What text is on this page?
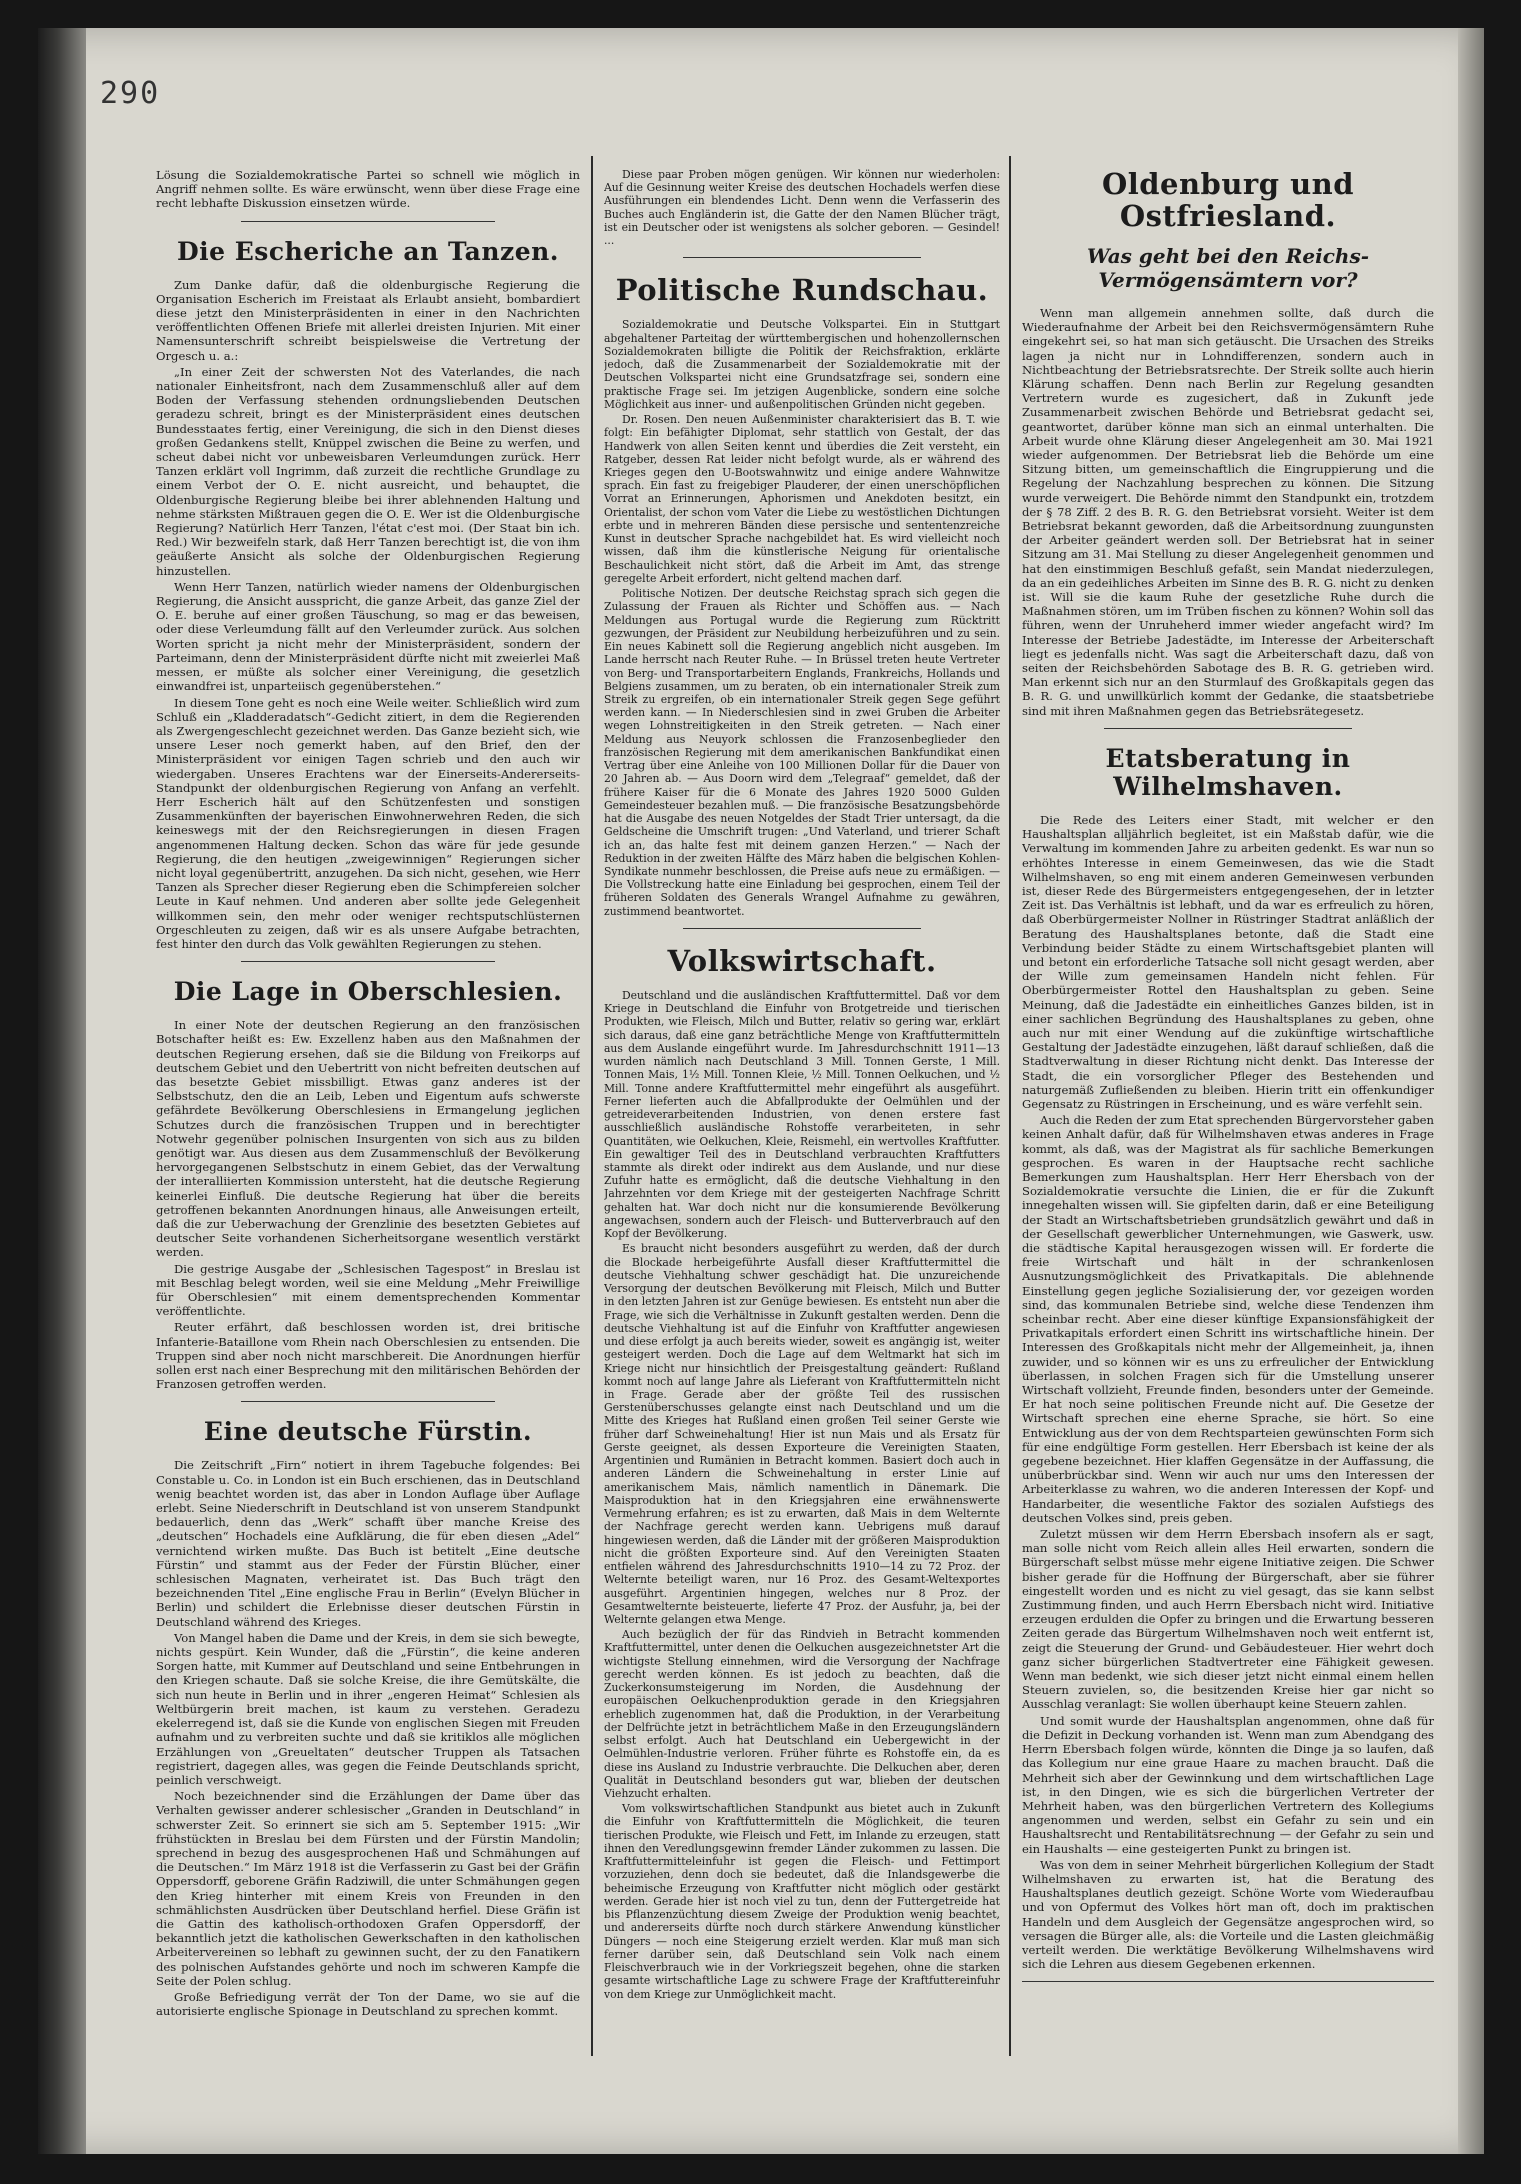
290

Lösung die Sozialdemokratische Partei so schnell wie möglich in Angriff nehmen sollte. Es wäre erwünscht, wenn über diese Frage eine recht lebhafte Diskussion einsetzen würde.

Die Escheriche an Tanzen.

Zum Danke dafür, daß die oldenburgische Regierung die Organisation Escherich im Freistaat als Erlaubt ansieht, bombardiert diese jetzt den Ministerpräsidenten in einer in den Nachrichten veröffentlichten Offenen Briefe mit allerlei dreisten Injurien. Mit einer Namensunterschrift schreibt beispielsweise die Vertretung der Orgesch u. a.:

„In einer Zeit der schwersten Not des Vaterlandes, die nach nationaler Einheitsfront, nach dem Zusammenschluß aller auf dem Boden der Verfassung stehenden ordnungsliebenden Deutschen geradezu schreit, bringt es der Ministerpräsident eines deutschen Bundesstaates fertig, einer Vereinigung, die sich in den Dienst dieses großen Gedankens stellt, Knüppel zwischen die Beine zu werfen, und scheut dabei nicht vor unbeweisbaren Verleumdungen zurück. Herr Tanzen erklärt voll Ingrimm, daß zurzeit die rechtliche Grundlage zu einem Verbot der O. E. nicht ausreicht, und behauptet, die Oldenburgische Regierung bleibe bei ihrer ablehnenden Haltung und nehme stärksten Mißtrauen gegen die O. E. Wer ist die Oldenburgische Regierung? Natürlich Herr Tanzen, l'état c'est moi. (Der Staat bin ich. Red.) Wir bezweifeln stark, daß Herr Tanzen berechtigt ist, die von ihm geäußerte Ansicht als solche der Oldenburgischen Regierung hinzustellen.

Wenn Herr Tanzen, natürlich wieder namens der Oldenburgischen Regierung, die Ansicht ausspricht, die ganze Arbeit, das ganze Ziel der O. E. beruhe auf einer großen Täuschung, so mag er das beweisen, oder diese Verleumdung fällt auf den Verleumder zurück. Aus solchen Worten spricht ja nicht mehr der Ministerpräsident, sondern der Parteimann, denn der Ministerpräsident dürfte nicht mit zweierlei Maß messen, er müßte als solcher einer Vereinigung, die gesetzlich einwandfrei ist, unparteiisch gegenüberstehen.“

In diesem Tone geht es noch eine Weile weiter. Schließlich wird zum Schluß ein „Kladderadatsch“-Gedicht zitiert, in dem die Regierenden als Zwergengeschlecht gezeichnet werden. Das Ganze bezieht sich, wie unsere Leser noch gemerkt haben, auf den Brief, den der Ministerpräsident vor einigen Tagen schrieb und den auch wir wiedergaben. Unseres Erachtens war der Einerseits-Andererseits-Standpunkt der oldenburgischen Regierung von Anfang an verfehlt. Herr Escherich hält auf den Schützenfesten und sonstigen Zusammenkünften der bayerischen Einwohnerwehren Reden, die sich keineswegs mit der den Reichsregierungen in diesen Fragen angenommenen Haltung decken. Schon das wäre für jede gesunde Regierung, die den heutigen „zweigewinnigen“ Regierungen sicher nicht loyal gegenübertritt, anzugehen. Da sich nicht, gesehen, wie Herr Tanzen als Sprecher dieser Regierung eben die Schimpfereien solcher Leute in Kauf nehmen. Und anderen aber sollte jede Gelegenheit willkommen sein, den mehr oder weniger rechtsputschlüsternen Orgeschleuten zu zeigen, daß wir es als unsere Aufgabe betrachten, fest hinter den durch das Volk gewählten Regierungen zu stehen.

Die Lage in Oberschlesien.

In einer Note der deutschen Regierung an den französischen Botschafter heißt es: Ew. Exzellenz haben aus den Maßnahmen der deutschen Regierung ersehen, daß sie die Bildung von Freikorps auf deutschem Gebiet und den Uebertritt von nicht befreiten deutschen auf das besetzte Gebiet missbilligt. Etwas ganz anderes ist der Selbstschutz, den die an Leib, Leben und Eigentum aufs schwerste gefährdete Bevölkerung Oberschlesiens in Ermangelung jeglichen Schutzes durch die französischen Truppen und in berechtigter Notwehr gegenüber polnischen Insurgenten von sich aus zu bilden genötigt war. Aus diesen aus dem Zusammenschluß der Bevölkerung hervorgegangenen Selbstschutz in einem Gebiet, das der Verwaltung der interalliierten Kommission untersteht, hat die deutsche Regierung keinerlei Einfluß. Die deutsche Regierung hat über die bereits getroffenen bekannten Anordnungen hinaus, alle Anweisungen erteilt, daß die zur Ueberwachung der Grenzlinie des besetzten Gebietes auf deutscher Seite vorhandenen Sicherheitsorgane wesentlich verstärkt werden.

Die gestrige Ausgabe der „Schlesischen Tagespost“ in Breslau ist mit Beschlag belegt worden, weil sie eine Meldung „Mehr Freiwillige für Oberschlesien“ mit einem dementsprechenden Kommentar veröffentlichte.

Reuter erfährt, daß beschlossen worden ist, drei britische Infanterie-Bataillone vom Rhein nach Oberschlesien zu entsenden. Die Truppen sind aber noch nicht marschbereit. Die Anordnungen hierfür sollen erst nach einer Besprechung mit den militärischen Behörden der Franzosen getroffen werden.

Eine deutsche Fürstin.

Die Zeitschrift „Firn“ notiert in ihrem Tagebuche folgendes: Bei Constable u. Co. in London ist ein Buch erschienen, das in Deutschland wenig beachtet worden ist, das aber in London Auflage über Auflage erlebt. Seine Niederschrift in Deutschland ist von unserem Standpunkt bedauerlich, denn das „Werk“ schafft über manche Kreise des „deutschen“ Hochadels eine Aufklärung, die für eben diesen „Adel“ vernichtend wirken mußte. Das Buch ist betitelt „Eine deutsche Fürstin“ und stammt aus der Feder der Fürstin Blücher, einer schlesischen Magnaten, verheiratet ist. Das Buch trägt den bezeichnenden Titel „Eine englische Frau in Berlin“ (Evelyn Blücher in Berlin) und schildert die Erlebnisse dieser deutschen Fürstin in Deutschland während des Krieges.

Von Mangel haben die Dame und der Kreis, in dem sie sich bewegte, nichts gespürt. Kein Wunder, daß die „Fürstin“, die keine anderen Sorgen hatte, mit Kummer auf Deutschland und seine Entbehrungen in den Kriegen schaute. Daß sie solche Kreise, die ihre Gemütskälte, die sich nun heute in Berlin und in ihrer „engeren Heimat“ Schlesien als Weltbürgerin breit machen, ist kaum zu verstehen. Geradezu ekelerregend ist, daß sie die Kunde von englischen Siegen mit Freuden aufnahm und zu verbreiten suchte und daß sie kritiklos alle möglichen Erzählungen von „Greueltaten“ deutscher Truppen als Tatsachen registriert, dagegen alles, was gegen die Feinde Deutschlands spricht, peinlich verschweigt.

Noch bezeichnender sind die Erzählungen der Dame über das Verhalten gewisser anderer schlesischer „Granden in Deutschland“ in schwerster Zeit. So erinnert sie sich am 5. September 1915: „Wir frühstückten in Breslau bei dem Fürsten und der Fürstin Mandolin; sprechend in bezug des ausgesprochenen Haß und Schmähungen auf die Deutschen.“ Im März 1918 ist die Verfasserin zu Gast bei der Gräfin Oppersdorff, geborene Gräfin Radziwill, die unter Schmähungen gegen den Krieg hinterher mit einem Kreis von Freunden in den schmählichsten Ausdrücken über Deutschland herfiel. Diese Gräfin ist die Gattin des katholisch-orthodoxen Grafen Oppersdorff, der bekanntlich jetzt die katholischen Gewerkschaften in den katholischen Arbeitervereinen so lebhaft zu gewinnen sucht, der zu den Fanatikern des polnischen Aufstandes gehörte und noch im schweren Kampfe die Seite der Polen schlug.

Große Befriedigung verrät der Ton der Dame, wo sie auf die autorisierte englische Spionage in Deutschland zu sprechen kommt.

Diese paar Proben mögen genügen. Wir können nur wiederholen: Auf die Gesinnung weiter Kreise des deutschen Hochadels werfen diese Ausführungen ein blendendes Licht. Denn wenn die Verfasserin des Buches auch Engländerin ist, die Gatte der den Namen Blücher trägt, ist ein Deutscher oder ist wenigstens als solcher geboren. — Gesindel! ...

Politische Rundschau.

Sozialdemokratie und Deutsche Volkspartei. Ein in Stuttgart abgehaltener Parteitag der württembergischen und hohenzollernschen Sozialdemokraten billigte die Politik der Reichsfraktion, erklärte jedoch, daß die Zusammenarbeit der Sozialdemokratie mit der Deutschen Volkspartei nicht eine Grundsatzfrage sei, sondern eine praktische Frage sei. Im jetzigen Augenblicke, sondern eine solche Möglichkeit aus inner- und außenpolitischen Gründen nicht gegeben.

Dr. Rosen. Den neuen Außenminister charakterisiert das B. T. wie folgt: Ein befähigter Diplomat, sehr stattlich von Gestalt, der das Handwerk von allen Seiten kennt und überdies die Zeit versteht, ein Ratgeber, dessen Rat leider nicht befolgt wurde, als er während des Krieges gegen den U-Bootswahnwitz und einige andere Wahnwitze sprach. Ein fast zu freigebiger Plauderer, der einen unerschöpflichen Vorrat an Erinnerungen, Aphorismen und Anekdoten besitzt, ein Orientalist, der schon vom Vater die Liebe zu westöstlichen Dichtungen erbte und in mehreren Bänden diese persische und sententenzreiche Kunst in deutscher Sprache nachgebildet hat. Es wird vielleicht noch wissen, daß ihm die künstlerische Neigung für orientalische Beschaulichkeit nicht stört, daß die Arbeit im Amt, das strenge geregelte Arbeit erfordert, nicht geltend machen darf.

Politische Notizen. Der deutsche Reichstag sprach sich gegen die Zulassung der Frauen als Richter und Schöffen aus. — Nach Meldungen aus Portugal wurde die Regierung zum Rücktritt gezwungen, der Präsident zur Neubildung herbeizuführen und zu sein. Ein neues Kabinett soll die Regierung angeblich nicht ausgeben. Im Lande herrscht nach Reuter Ruhe. — In Brüssel treten heute Vertreter von Berg- und Transportarbeitern Englands, Frankreichs, Hollands und Belgiens zusammen, um zu beraten, ob ein internationaler Streik zum Streik zu ergreifen, ob ein internationaler Streik gegen Sege geführt werden kann. — In Niederschlesien sind in zwei Gruben die Arbeiter wegen Lohnstreitigkeiten in den Streik getreten. — Nach einer Meldung aus Neuyork schlossen die Franzosenbeglieder den französischen Regierung mit dem amerikanischen Bankfundikat einen Vertrag über eine Anleihe von 100 Millionen Dollar für die Dauer von 20 Jahren ab. — Aus Doorn wird dem „Telegraaf“ gemeldet, daß der frühere Kaiser für die 6 Monate des Jahres 1920 5000 Gulden Gemeindesteuer bezahlen muß. — Die französische Besatzungsbehörde hat die Ausgabe des neuen Notgeldes der Stadt Trier untersagt, da die Geldscheine die Umschrift trugen: „Und Vaterland, und trierer Schaft ich an, das halte fest mit deinem ganzen Herzen.“ — Nach der Reduktion in der zweiten Hälfte des März haben die belgischen Kohlen-Syndikate nunmehr beschlossen, die Preise aufs neue zu ermäßigen. — Die Vollstreckung hatte eine Einladung bei gesprochen, einem Teil der früheren Soldaten des Generals Wrangel Aufnahme zu gewähren, zustimmend beantwortet.

Volkswirtschaft.

Deutschland und die ausländischen Kraftfuttermittel. Daß vor dem Kriege in Deutschland die Einfuhr von Brotgetreide und tierischen Produkten, wie Fleisch, Milch und Butter, relativ so gering war, erklärt sich daraus, daß eine ganz beträchtliche Menge von Kraftfuttermitteln aus dem Auslande eingeführt wurde. Im Jahresdurchschnitt 1911—13 wurden nämlich nach Deutschland 3 Mill. Tonnen Gerste, 1 Mill. Tonnen Mais, 1½ Mill. Tonnen Kleie, ½ Mill. Tonnen Oelkuchen, und ½ Mill. Tonne andere Kraftfuttermittel mehr eingeführt als ausgeführt. Ferner lieferten auch die Abfallprodukte der Oelmühlen und der getreideverarbeitenden Industrien, von denen erstere fast ausschließlich ausländische Rohstoffe verarbeiteten, in sehr Quantitäten, wie Oelkuchen, Kleie, Reismehl, ein wertvolles Kraftfutter. Ein gewaltiger Teil des in Deutschland verbrauchten Kraftfutters stammte als direkt oder indirekt aus dem Auslande, und nur diese Zufuhr hatte es ermöglicht, daß die deutsche Viehhaltung in den Jahrzehnten vor dem Kriege mit der gesteigerten Nachfrage Schritt gehalten hat. War doch nicht nur die konsumierende Bevölkerung angewachsen, sondern auch der Fleisch- und Butterverbrauch auf den Kopf der Bevölkerung.

Es braucht nicht besonders ausgeführt zu werden, daß der durch die Blockade herbeigeführte Ausfall dieser Kraftfuttermittel die deutsche Viehhaltung schwer geschädigt hat. Die unzureichende Versorgung der deutschen Bevölkerung mit Fleisch, Milch und Butter in den letzten Jahren ist zur Genüge bewiesen. Es entsteht nun aber die Frage, wie sich die Verhältnisse in Zukunft gestalten werden. Denn die deutsche Viehhaltung ist auf die Einfuhr von Kraftfutter angewiesen und diese erfolgt ja auch bereits wieder, soweit es angängig ist, weiter gesteigert werden. Doch die Lage auf dem Weltmarkt hat sich im Kriege nicht nur hinsichtlich der Preisgestaltung geändert: Rußland kommt noch auf lange Jahre als Lieferant von Kraftfuttermitteln nicht in Frage. Gerade aber der größte Teil des russischen Gerstenüberschusses gelangte einst nach Deutschland und um die Mitte des Krieges hat Rußland einen großen Teil seiner Gerste wie früher darf Schweinehaltung! Hier ist nun Mais und als Ersatz für Gerste geeignet, als dessen Exporteure die Vereinigten Staaten, Argentinien und Rumänien in Betracht kommen. Basiert doch auch in anderen Ländern die Schweinehaltung in erster Linie auf amerikanischem Mais, nämlich namentlich in Dänemark. Die Maisproduktion hat in den Kriegsjahren eine erwähnenswerte Vermehrung erfahren; es ist zu erwarten, daß Mais in dem Welternte der Nachfrage gerecht werden kann. Uebrigens muß darauf hingewiesen werden, daß die Länder mit der größeren Maisproduktion nicht die größten Exporteure sind. Auf den Vereinigten Staaten entfielen während des Jahresdurchschnitts 1910—14 zu 72 Proz. der Welternte beteiligt waren, nur 16 Proz. des Gesamt-Weltexportes ausgeführt. Argentinien hingegen, welches nur 8 Proz. der Gesamtwelternte beisteuerte, lieferte 47 Proz. der Ausfuhr, ja, bei der Welternte gelangen etwa Menge.

Auch bezüglich der für das Rindvieh in Betracht kommenden Kraftfuttermittel, unter denen die Oelkuchen ausgezeichnetster Art die wichtigste Stellung einnehmen, wird die Versorgung der Nachfrage gerecht werden können. Es ist jedoch zu beachten, daß die Zuckerkonsumsteigerung im Norden, die Ausdehnung der europäischen Oelkuchenproduktion gerade in den Kriegsjahren erheblich zugenommen hat, daß die Produktion, in der Verarbeitung der Delfrüchte jetzt in beträchtlichem Maße in den Erzeugungsländern selbst erfolgt. Auch hat Deutschland ein Uebergewicht in der Oelmühlen-Industrie verloren. Früher führte es Rohstoffe ein, da es diese ins Ausland zu Industrie verbrauchte. Die Delkuchen aber, deren Qualität in Deutschland besonders gut war, blieben der deutschen Viehzucht erhalten.

Vom volkswirtschaftlichen Standpunkt aus bietet auch in Zukunft die Einfuhr von Kraftfuttermitteln die Möglichkeit, die teuren tierischen Produkte, wie Fleisch und Fett, im Inlande zu erzeugen, statt ihnen den Veredlungsgewinn fremder Länder zukommen zu lassen. Die Kraftfuttermitteleinfuhr ist gegen die Fleisch- und Fettimport vorzuziehen, denn doch sie bedeutet, daß die Inlandsgewerbe die beheimische Erzeugung von Kraftfutter nicht möglich oder gestärkt werden. Gerade hier ist noch viel zu tun, denn der Futtergetreide hat bis Pflanzenzüchtung diesem Zweige der Produktion wenig beachtet, und andererseits dürfte noch durch stärkere Anwendung künstlicher Düngers — noch eine Steigerung erzielt werden. Klar muß man sich ferner darüber sein, daß Deutschland sein Volk nach einem Fleischverbrauch wie in der Vorkriegszeit begehen, ohne die starken gesamte wirtschaftliche Lage zu schwere Frage der Kraftfuttereinfuhr von dem Kriege zur Unmöglichkeit macht.

Oldenburg und Ostfriesland.
Was geht bei den Reichs-Vermögensämtern vor?

Wenn man allgemein annehmen sollte, daß durch die Wiederaufnahme der Arbeit bei den Reichsvermögensämtern Ruhe eingekehrt sei, so hat man sich getäuscht. Die Ursachen des Streiks lagen ja nicht nur in Lohndifferenzen, sondern auch in Nichtbeachtung der Betriebsratsrechte. Der Streik sollte auch hierin Klärung schaffen. Denn nach Berlin zur Regelung gesandten Vertretern wurde es zugesichert, daß in Zukunft jede Zusammenarbeit zwischen Behörde und Betriebsrat gedacht sei, geantwortet, darüber könne man sich an einmal unterhalten. Die Arbeit wurde ohne Klärung dieser Angelegenheit am 30. Mai 1921 wieder aufgenommen. Der Betriebsrat lieb die Behörde um eine Sitzung bitten, um gemeinschaftlich die Eingruppierung und die Regelung der Nachzahlung besprechen zu können. Die Sitzung wurde verweigert. Die Behörde nimmt den Standpunkt ein, trotzdem der § 78 Ziff. 2 des B. R. G. den Betriebsrat vorsieht. Weiter ist dem Betriebsrat bekannt geworden, daß die Arbeitsordnung zuungunsten der Arbeiter geändert werden soll. Der Betriebsrat hat in seiner Sitzung am 31. Mai Stellung zu dieser Angelegenheit genommen und hat den einstimmigen Beschluß gefaßt, sein Mandat niederzulegen, da an ein gedeihliches Arbeiten im Sinne des B. R. G. nicht zu denken ist. Will sie die kaum Ruhe der gesetzliche Ruhe durch die Maßnahmen stören, um im Trüben fischen zu können? Wohin soll das führen, wenn der Unruheherd immer wieder angefacht wird? Im Interesse der Betriebe Jadestädte, im Interesse der Arbeiterschaft liegt es jedenfalls nicht. Was sagt die Arbeiterschaft dazu, daß von seiten der Reichsbehörden Sabotage des B. R. G. getrieben wird. Man erkennt sich nur an den Sturmlauf des Großkapitals gegen das B. R. G. und unwillkürlich kommt der Gedanke, die staatsbetriebe sind mit ihren Maßnahmen gegen das Betriebsrätegesetz.

Etatsberatung in Wilhelmshaven.

Die Rede des Leiters einer Stadt, mit welcher er den Haushaltsplan alljährlich begleitet, ist ein Maßstab dafür, wie die Verwaltung im kommenden Jahre zu arbeiten gedenkt. Es war nun so erhöhtes Interesse in einem Gemeinwesen, das wie die Stadt Wilhelmshaven, so eng mit einem anderen Gemeinwesen verbunden ist, dieser Rede des Bürgermeisters entgegengesehen, der in letzter Zeit ist. Das Verhältnis ist lebhaft, und da war es erfreulich zu hören, daß Oberbürgermeister Nollner in Rüstringer Stadtrat anläßlich der Beratung des Haushaltsplanes betonte, daß die Stadt eine Verbindung beider Städte zu einem Wirtschaftsgebiet planten will und betont ein erforderliche Tatsache soll nicht gesagt werden, aber der Wille zum gemeinsamen Handeln nicht fehlen. Für Oberbürgermeister Rottel den Haushaltsplan zu geben. Seine Meinung, daß die Jadestädte ein einheitliches Ganzes bilden, ist in einer sachlichen Begründung des Haushaltsplanes zu geben, ohne auch nur mit einer Wendung auf die zukünftige wirtschaftliche Gestaltung der Jadestädte einzugehen, läßt darauf schließen, daß die Stadtverwaltung in dieser Richtung nicht denkt. Das Interesse der Stadt, die ein vorsorglicher Pfleger des Bestehenden und naturgemäß Zufließenden zu bleiben. Hierin tritt ein offenkundiger Gegensatz zu Rüstringen in Erscheinung, und es wäre verfehlt sein.

Auch die Reden der zum Etat sprechenden Bürgervorsteher gaben keinen Anhalt dafür, daß für Wilhelmshaven etwas anderes in Frage kommt, als daß, was der Magistrat als für sachliche Bemerkungen gesprochen. Es waren in der Hauptsache recht sachliche Bemerkungen zum Haushaltsplan. Herr Herr Ehersbach von der Sozialdemokratie versuchte die Linien, die er für die Zukunft innegehalten wissen will. Sie gipfelten darin, daß er eine Beteiligung der Stadt an Wirtschaftsbetrieben grundsätzlich gewährt und daß in der Gesellschaft gewerblicher Unternehmungen, wie Gaswerk, usw. die städtische Kapital herausgezogen wissen will. Er forderte die freie Wirtschaft und hält in der schrankenlosen Ausnutzungsmöglichkeit des Privatkapitals. Die ablehnende Einstellung gegen jegliche Sozialisierung der, vor gezeigen worden sind, das kommunalen Betriebe sind, welche diese Tendenzen ihm scheinbar recht. Aber eine dieser künftige Expansionsfähigkeit der Privatkapitals erfordert einen Schritt ins wirtschaftliche hinein. Der Interessen des Großkapitals nicht mehr der Allgemeinheit, ja, ihnen zuwider, und so können wir es uns zu erfreulicher der Entwicklung überlassen, in solchen Fragen sich für die Umstellung unserer Wirtschaft vollzieht, Freunde finden, besonders unter der Gemeinde. Er hat noch seine politischen Freunde nicht auf. Die Gesetze der Wirtschaft sprechen eine eherne Sprache, sie hört. So eine Entwicklung aus der von dem Rechtsparteien gewünschten Form sich für eine endgültige Form gestellen. Herr Ebersbach ist keine der als gegebene bezeichnet. Hier klaffen Gegensätze in der Auffassung, die unüberbrückbar sind. Wenn wir auch nur ums den Interessen der Arbeiterklasse zu wahren, wo die anderen Interessen der Kopf- und Handarbeiter, die wesentliche Faktor des sozialen Aufstiegs des deutschen Volkes sind, preis geben.

Zuletzt müssen wir dem Herrn Ebersbach insofern als er sagt, man solle nicht vom Reich allein alles Heil erwarten, sondern die Bürgerschaft selbst müsse mehr eigene Initiative zeigen. Die Schwer bisher gerade für die Hoffnung der Bürgerschaft, aber sie führer eingestellt worden und es nicht zu viel gesagt, das sie kann selbst Zustimmung finden, und auch Herrn Ebersbach nicht wird. Initiative erzeugen erdulden die Opfer zu bringen und die Erwartung besseren Zeiten gerade das Bürgertum Wilhelmshaven noch weit entfernt ist, zeigt die Steuerung der Grund- und Gebäudesteuer. Hier wehrt doch ganz sicher bürgerlichen Stadtvertreter eine Fähigkeit gewesen. Wenn man bedenkt, wie sich dieser jetzt nicht einmal einem hellen Steuern zuvielen, so, die besitzenden Kreise hier gar nicht so Ausschlag veranlagt: Sie wollen überhaupt keine Steuern zahlen.

Und somit wurde der Haushaltsplan angenommen, ohne daß für die Defizit in Deckung vorhanden ist. Wenn man zum Abendgang des Herrn Ebersbach folgen würde, könnten die Dinge ja so laufen, daß das Kollegium nur eine graue Haare zu machen braucht. Daß die Mehrheit sich aber der Gewinnkung und dem wirtschaftlichen Lage ist, in den Dingen, wie es sich die bürgerlichen Vertreter der Mehrheit haben, was den bürgerlichen Vertretern des Kollegiums angenommen und werden, selbst ein Gefahr zu sein und ein Haushaltsrecht und Rentabilitätsrechnung — der Gefahr zu sein und ein Haushalts — eine gesteigerten Punkt zu bringen ist.

Was von dem in seiner Mehrheit bürgerlichen Kollegium der Stadt Wilhelmshaven zu erwarten ist, hat die Beratung des Haushaltsplanes deutlich gezeigt. Schöne Worte vom Wiederaufbau und von Opfermut des Volkes hört man oft, doch im praktischen Handeln und dem Ausgleich der Gegensätze angesprochen wird, so versagen die Bürger alle, als: die Vorteile und die Lasten gleichmäßig verteilt werden. Die werktätige Bevölkerung Wilhelmshavens wird sich die Lehren aus diesem Gegebenen erkennen.
